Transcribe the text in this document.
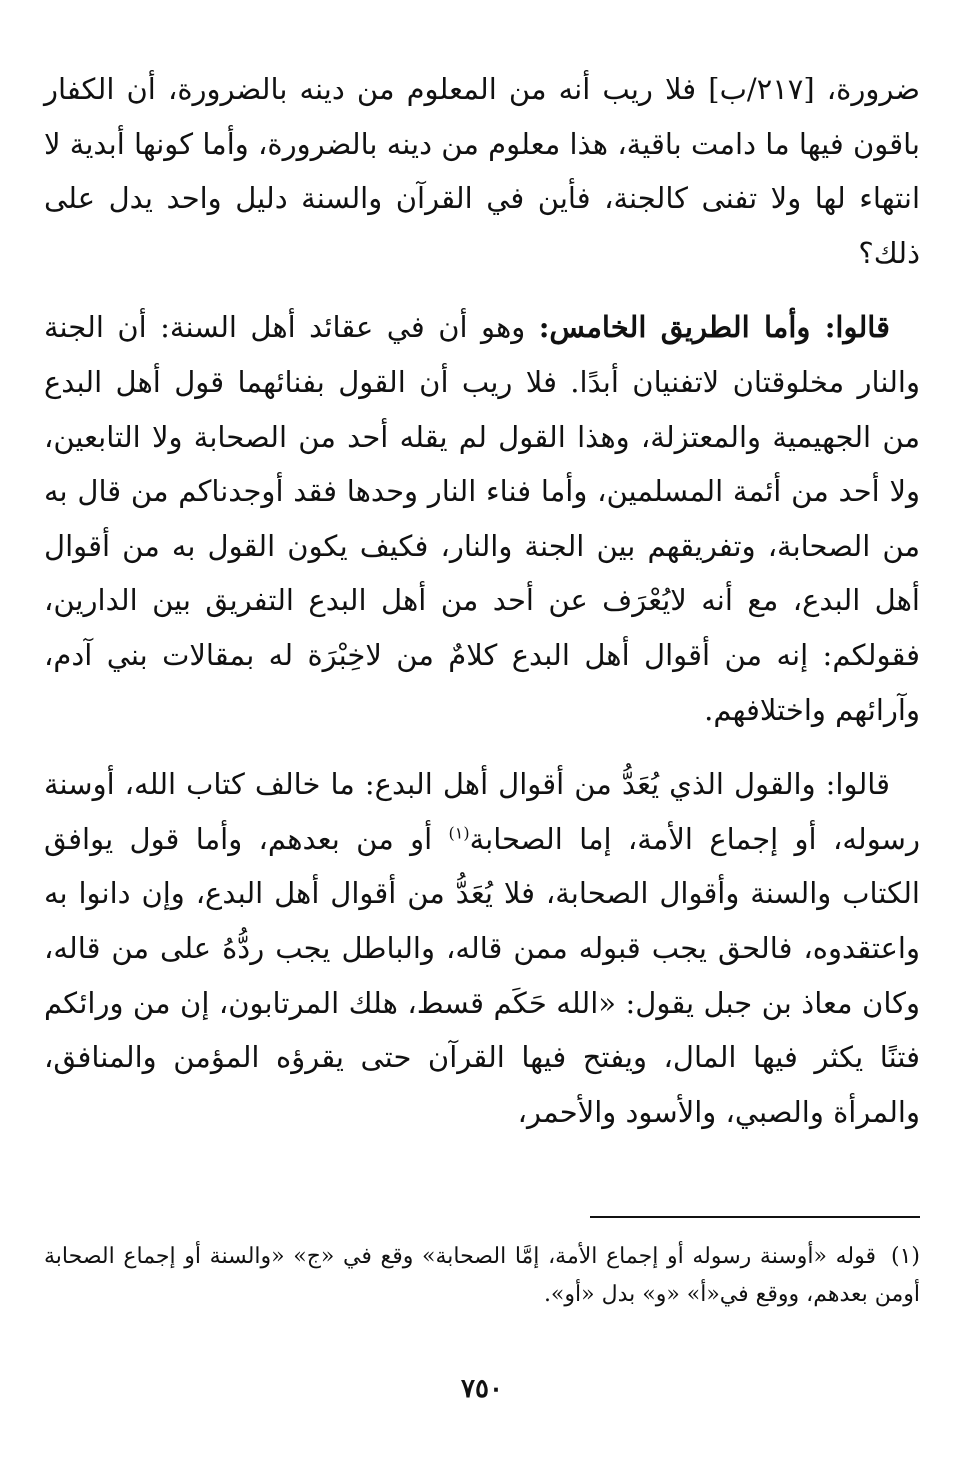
ضرورة، [٢١٧/ب] فلا ريب أنه من المعلوم من دينه بالضرورة، أن الكفار باقون فيها ما دامت باقية، هذا معلوم من دينه بالضرورة، وأما كونها أبدية لا انتهاء لها ولا تفنى كالجنة، فأين في القرآن والسنة دليل واحد يدل على ذلك؟

قالوا: وأما الطريق الخامس: وهو أن في عقائد أهل السنة: أن الجنة والنار مخلوقتان لاتفنيان أبدًا. فلا ريب أن القول بفنائهما قول أهل البدع من الجهيمية والمعتزلة، وهذا القول لم يقله أحد من الصحابة ولا التابعين، ولا أحد من أئمة المسلمين، وأما فناء النار وحدها فقد أوجدناكم من قال به من الصحابة، وتفريقهم بين الجنة والنار، فكيف يكون القول به من أقوال أهل البدع، مع أنه لايُعْرَف عن أحد من أهل البدع التفريق بين الدارين، فقولكم: إنه من أقوال أهل البدع كلامٌ من لاخِبْرَة له بمقالات بني آدم، وآرائهم واختلافهم.

قالوا: والقول الذي يُعَدُّ من أقوال أهل البدع: ما خالف كتاب الله، أوسنة رسوله، أو إجماع الأمة، إما الصحابة$^{(١)}$ أو من بعدهم، وأما قول يوافق الكتاب والسنة وأقوال الصحابة، فلا يُعَدُّ من أقوال أهل البدع، وإن دانوا به واعتقدوه، فالحق يجب قبوله ممن قاله، والباطل يجب ردُّهُ على من قاله، وكان معاذ بن جبل يقول: «الله حَكَم قسط، هلك المرتابون، إن من ورائكم فتنًا يكثر فيها المال، ويفتح فيها القرآن حتى يقرؤه المؤمن والمنافق، والمرأة والصبي، والأسود والأحمر،

(١)قوله «أوسنة رسوله أو إجماع الأمة، إمَّا الصحابة» وقع في «ج» «والسنة أو إجماع الصحابة أومن بعدهم، ووقع في«أ» «و» بدل «أو».

٧٥٠
